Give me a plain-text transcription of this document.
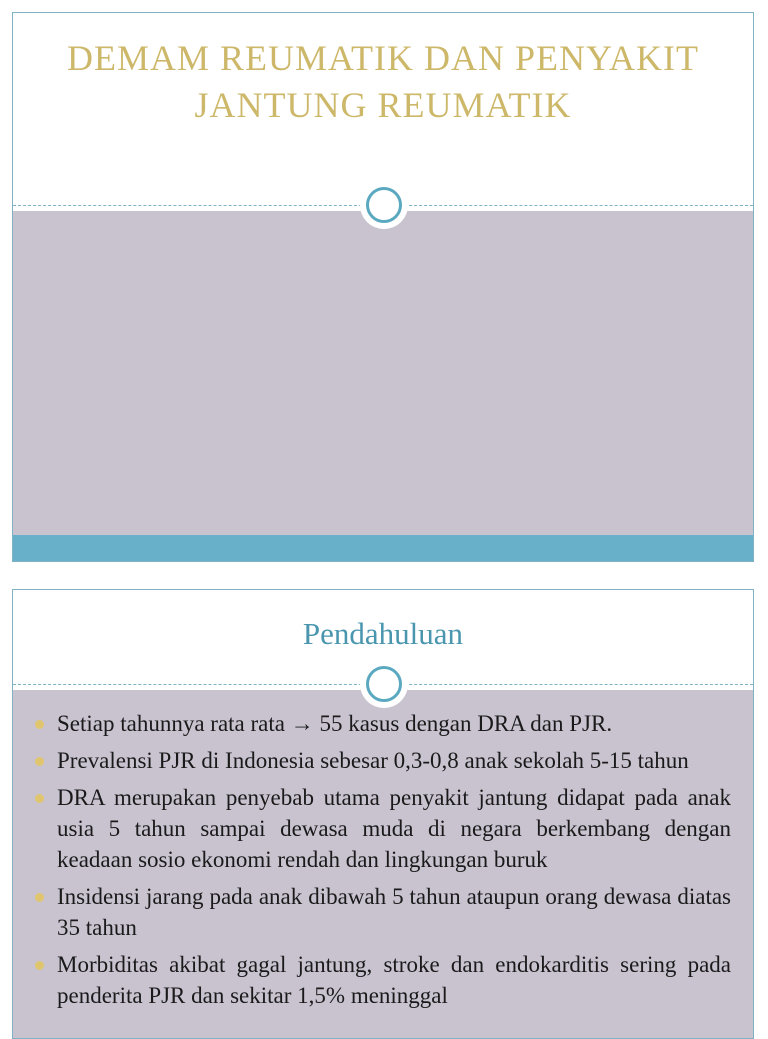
DEMAM REUMATIK DAN PENYAKIT JANTUNG REUMATIK
Pendahuluan
Setiap tahunnya rata rata → 55 kasus dengan DRA dan PJR.
Prevalensi PJR di Indonesia sebesar 0,3-0,8 anak sekolah 5-15 tahun
DRA merupakan penyebab utama penyakit jantung didapat pada anak usia 5 tahun sampai dewasa muda di negara berkembang dengan keadaan sosio ekonomi rendah dan lingkungan buruk
Insidensi jarang pada anak dibawah 5 tahun ataupun orang dewasa diatas 35 tahun
Morbiditas akibat gagal jantung, stroke dan endokarditis sering pada penderita PJR dan sekitar 1,5% meninggal
